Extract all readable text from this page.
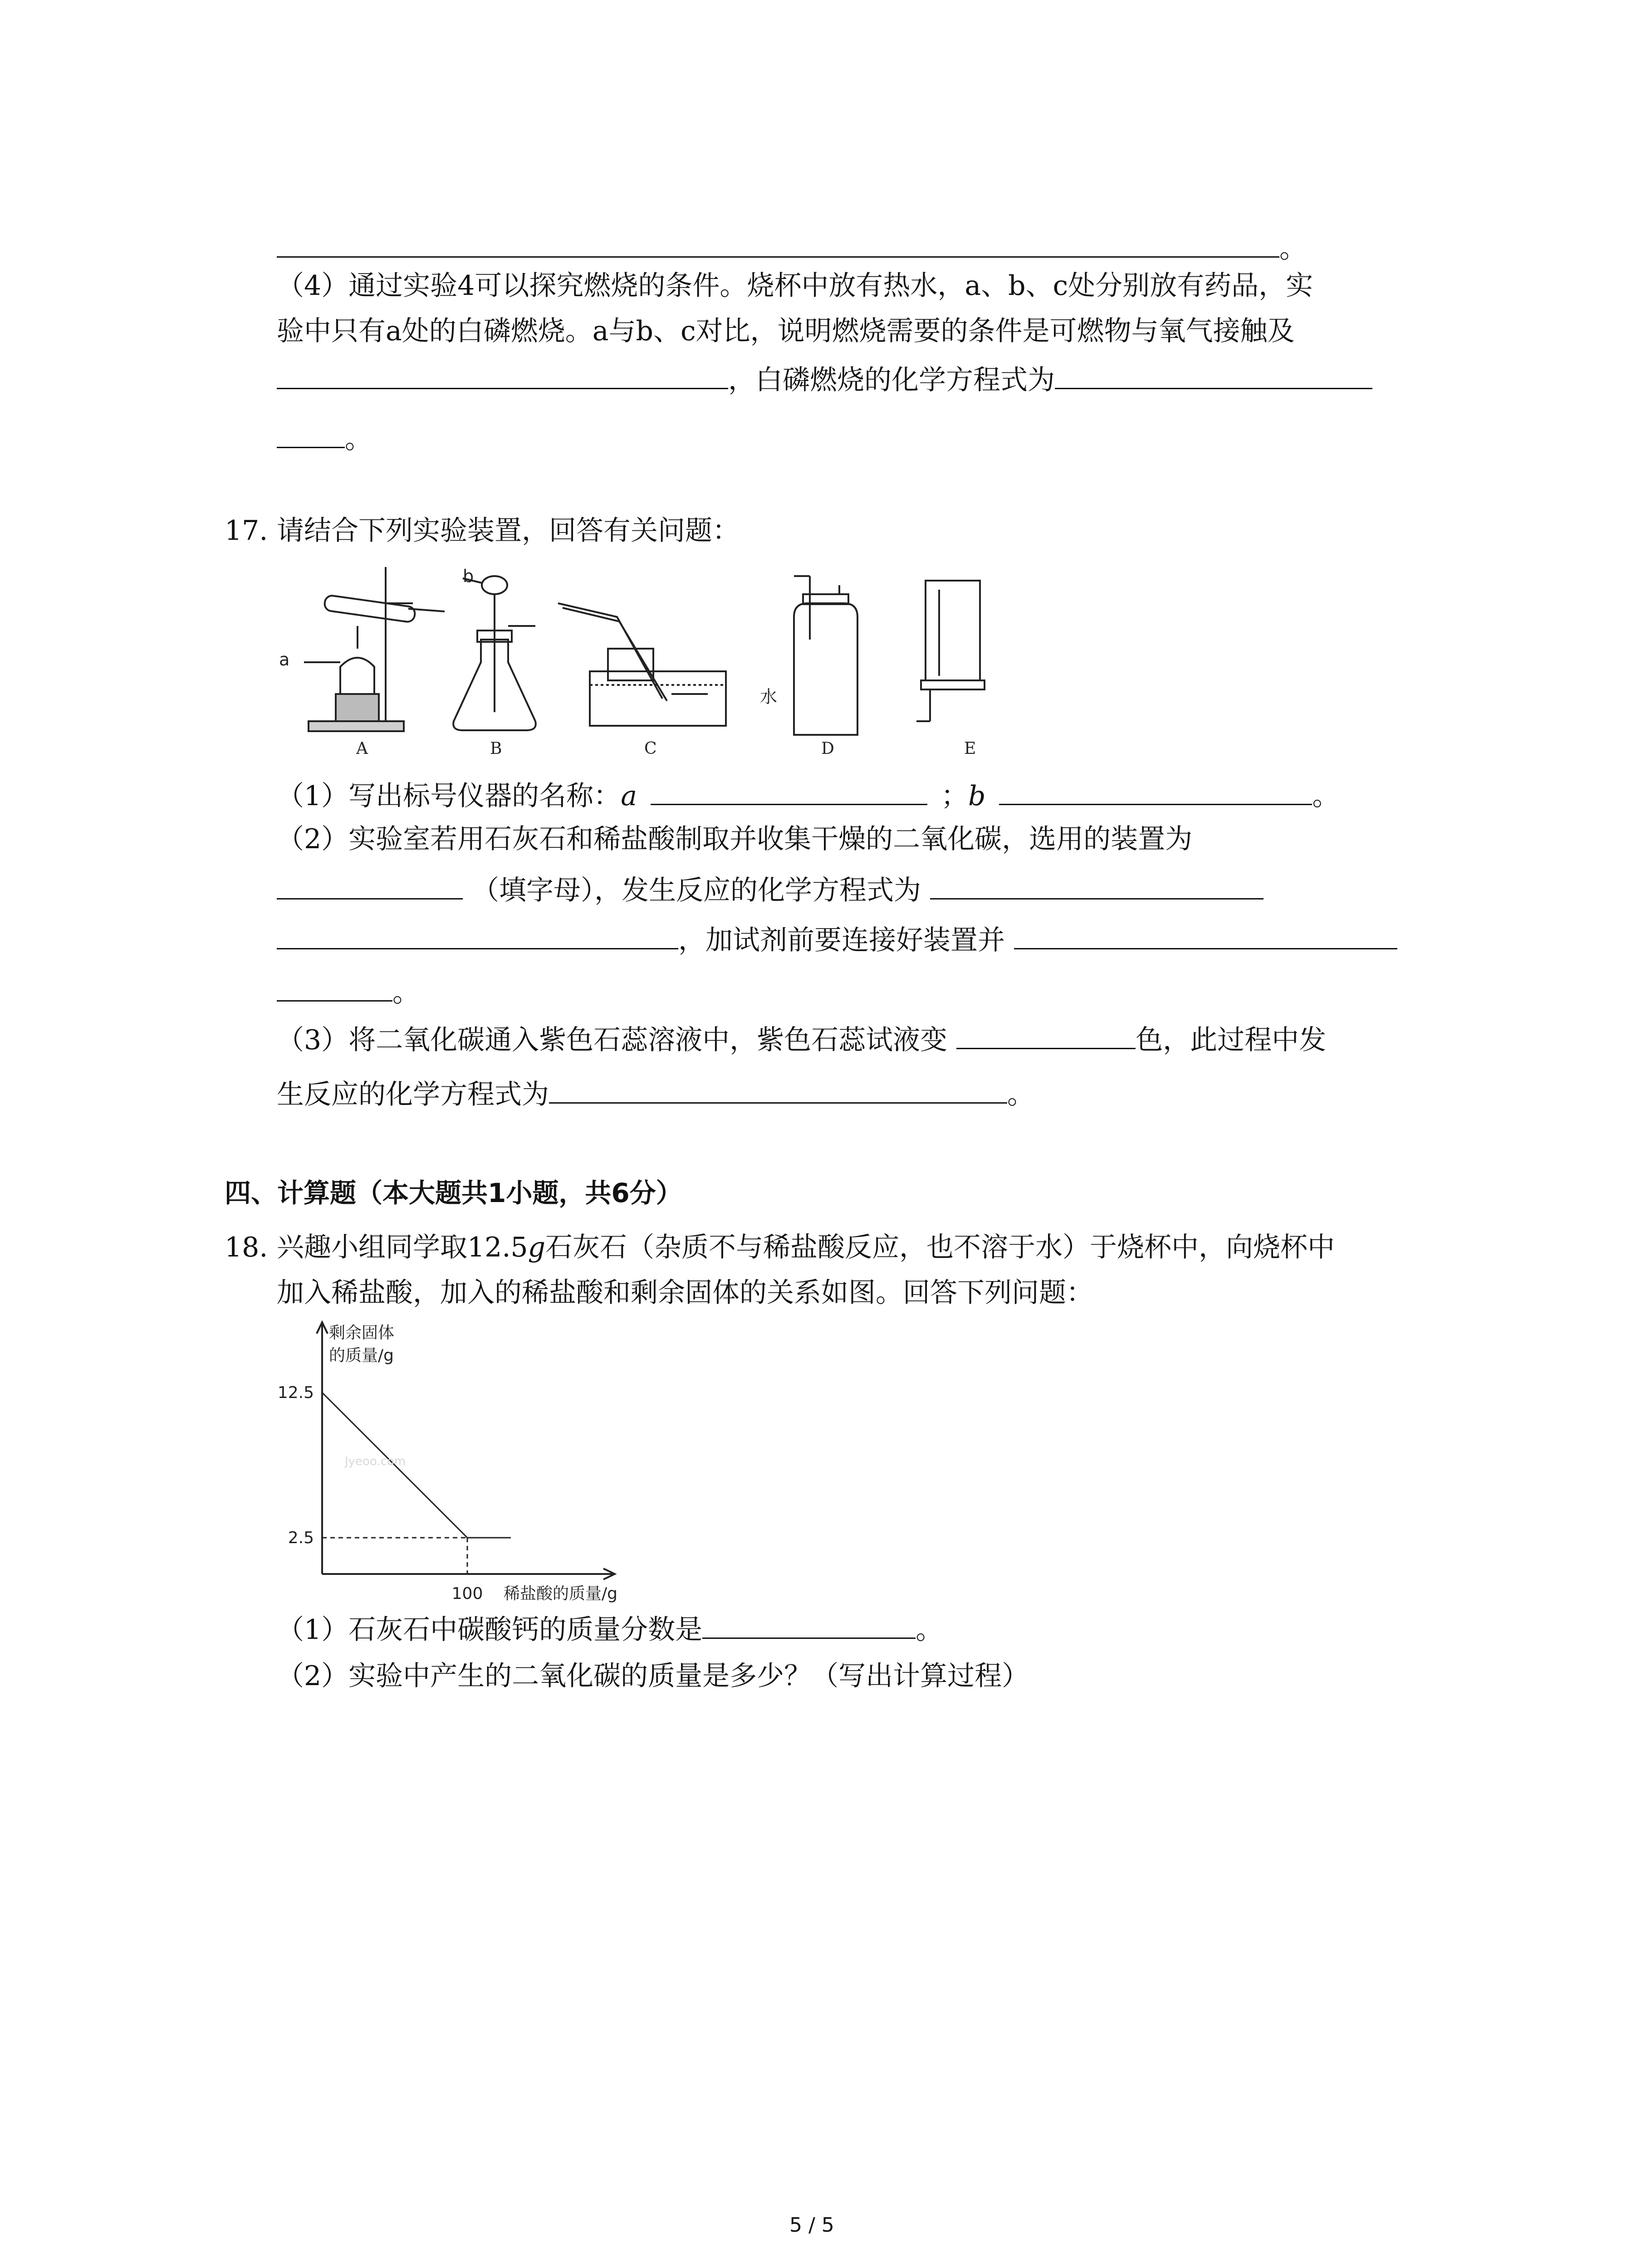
。
（4）通过实验4可以探究燃烧的条件。烧杯中放有热水，a、b、c处分别放有药品，实
验中只有a处的白磷燃烧。a与b、c对比，说明燃烧需要的条件是可燃物与氧气接触及
，白磷燃烧的化学方程式为
。
17. 请结合下列实验装置，回答有关问题：
a
b
水
A	B	C	D	E
（1）写出标号仪器的名称：a	；b	。
（2）实验室若用石灰石和稀盐酸制取并收集干燥的二氧化碳，选用的装置为
（填字母），发生反应的化学方程式为
，加试剂前要连接好装置并
。
（3）将二氧化碳通入紫色石蕊溶液中，紫色石蕊试液变	色，此过程中发
生反应的化学方程式为	。
四、计算题（本大题共1小题，共6分）
18. 兴趣小组同学取12.5g石灰石（杂质不与稀盐酸反应，也不溶于水）于烧杯中，向烧杯中
加入稀盐酸，加入的稀盐酸和剩余固体的关系如图。回答下列问题：
12.5
2.5
100
剩余固体
的质量/g
稀盐酸的质量/g
Jyeoo.com
（1）石灰石中碳酸钙的质量分数是	。
（2）实验中产生的二氧化碳的质量是多少？（写出计算过程）
5 / 5
